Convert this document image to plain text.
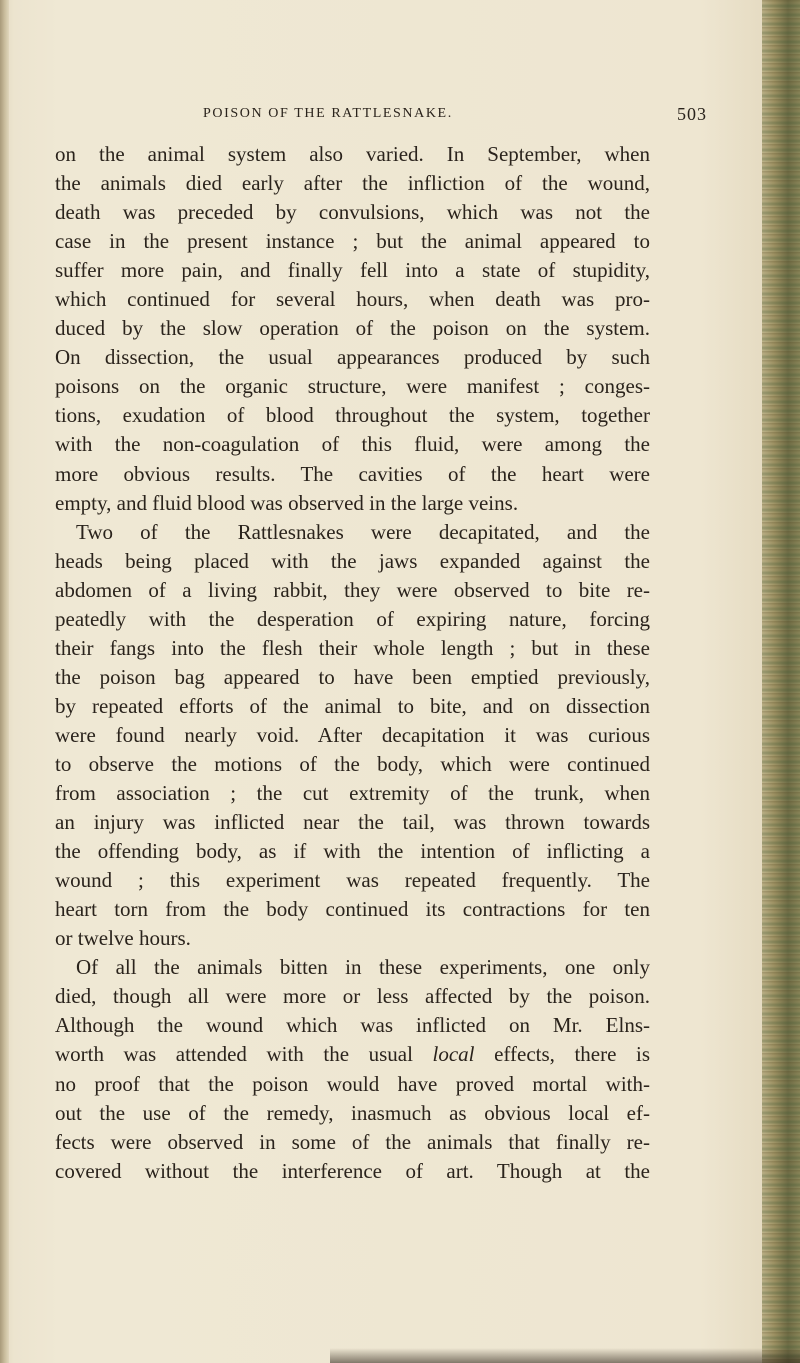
POISON OF THE RATTLESNAKE.	503
on the animal system also varied. In September, when
the animals died early after the infliction of the wound,
death was preceded by convulsions, which was not the
case in the present instance ; but the animal appeared to
suffer more pain, and finally fell into a state of stupidity,
which continued for several hours, when death was pro-
duced by the slow operation of the poison on the system.
On dissection, the usual appearances produced by such
poisons on the organic structure, were manifest ; conges-
tions, exudation of blood throughout the system, together
with the non-coagulation of this fluid, were among the
more obvious results. The cavities of the heart were
empty, and fluid blood was observed in the large veins.
Two of the Rattlesnakes were decapitated, and the
heads being placed with the jaws expanded against the
abdomen of a living rabbit, they were observed to bite re-
peatedly with the desperation of expiring nature, forcing
their fangs into the flesh their whole length ; but in these
the poison bag appeared to have been emptied previously,
by repeated efforts of the animal to bite, and on dissection
were found nearly void. After decapitation it was curious
to observe the motions of the body, which were continued
from association ; the cut extremity of the trunk, when
an injury was inflicted near the tail, was thrown towards
the offending body, as if with the intention of inflicting a
wound ; this experiment was repeated frequently. The
heart torn from the body continued its contractions for ten
or twelve hours.
Of all the animals bitten in these experiments, one only
died, though all were more or less affected by the poison.
Although the wound which was inflicted on Mr. Elns-
worth was attended with the usual local effects, there is
no proof that the poison would have proved mortal with-
out the use of the remedy, inasmuch as obvious local ef-
fects were observed in some of the animals that finally re-
covered without the interference of art. Though at the
